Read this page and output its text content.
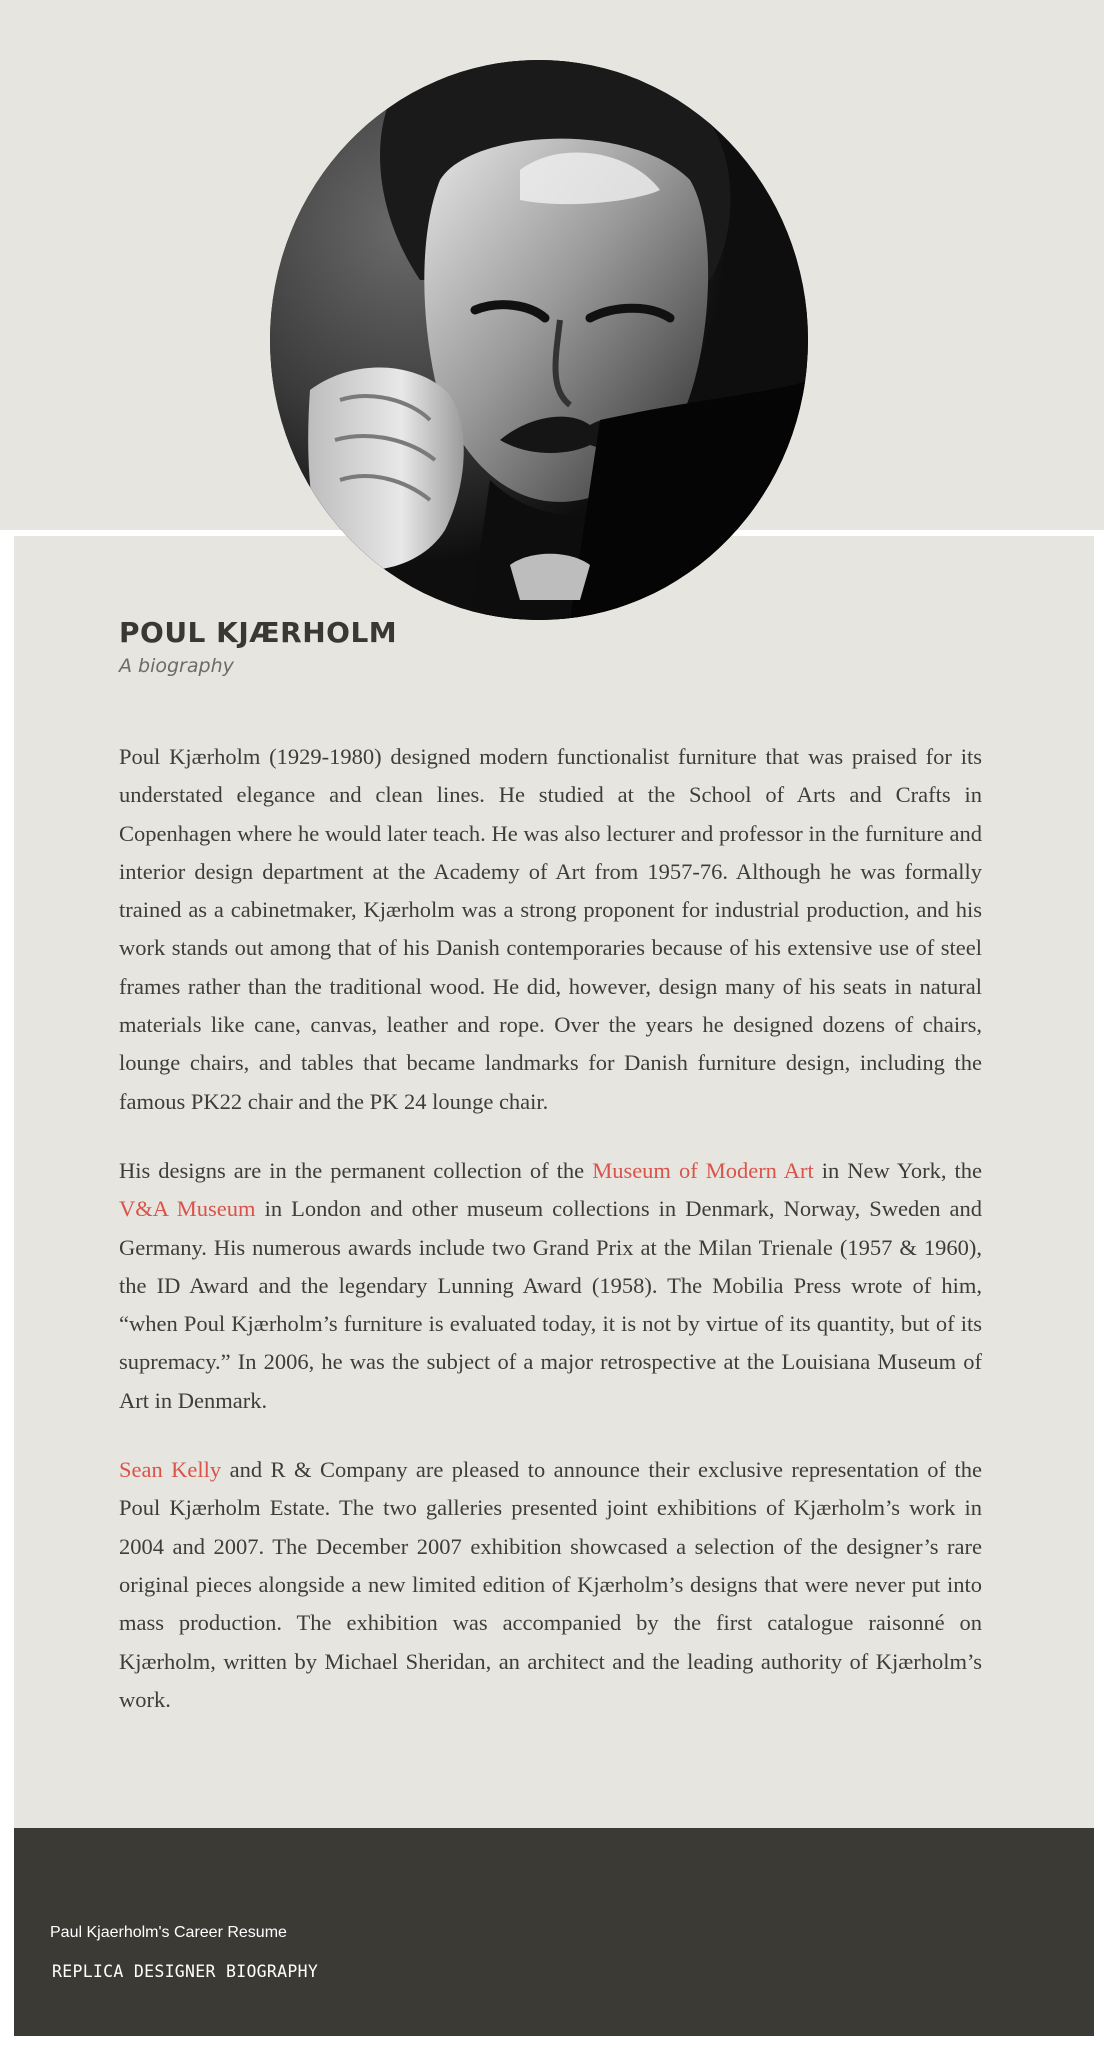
POUL KJÆRHOLM

A biography

Poul Kjærholm (1929-1980) designed modern functionalist furniture that was praised for its understated elegance and clean lines. He studied at the School of Arts and Crafts in Copenhagen where he would later teach. He was also lecturer and professor in the furniture and interior design department at the Academy of Art from 1957-76. Although he was formally trained as a cabinetmaker, Kjærholm was a strong proponent for industrial production, and his work stands out among that of his Danish contemporaries because of his extensive use of steel frames rather than the traditional wood. He did, however, design many of his seats in natural materials like cane, canvas, leather and rope. Over the years he designed dozens of chairs, lounge chairs, and tables that became landmarks for Danish furniture design, including the famous PK22 chair and the PK 24 lounge chair.

His designs are in the permanent collection of the Museum of Modern Art in New York, the V&A Museum in London and other museum collections in Denmark, Norway, Sweden and Germany. His numerous awards include two Grand Prix at the Milan Trienale (1957 & 1960), the ID Award and the legendary Lunning Award (1958). The Mobilia Press wrote of him, “when Poul Kjærholm’s furniture is evaluated today, it is not by virtue of its quantity, but of its supremacy.” In 2006, he was the subject of a major retrospective at the Louisiana Museum of Art in Denmark.

Sean Kelly and R & Company are pleased to announce their exclusive representation of the Poul Kjærholm Estate. The two galleries presented joint exhibitions of Kjærholm’s work in 2004 and 2007. The December 2007 exhibition showcased a selection of the designer’s rare original pieces alongside a new limited edition of Kjærholm’s designs that were never put into mass production. The exhibition was accompanied by the first catalogue raisonné on Kjærholm, written by Michael Sheridan, an architect and the leading authority of Kjærholm’s work.

Paul Kjaerholm's Career Resume
REPLICA DESIGNER BIOGRAPHY
